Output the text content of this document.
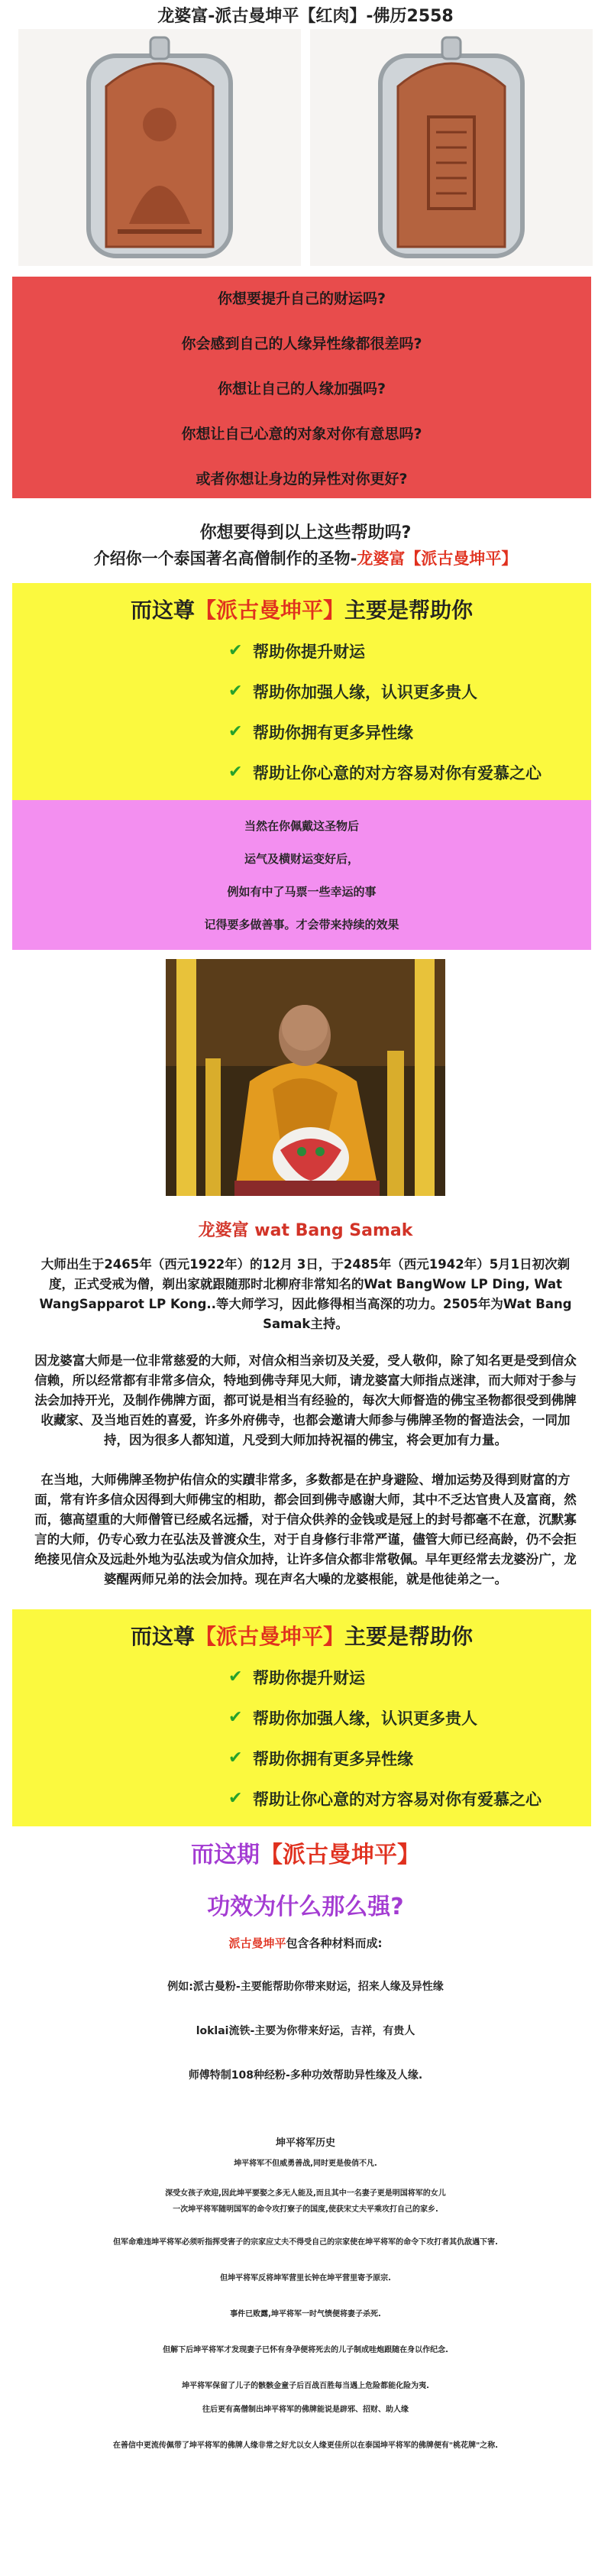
龙婆富-派古曼坤平【红肉】-佛历2558

你想要提升自己的财运吗?

你会感到自己的人缘异性缘都很差吗?

你想让自己的人缘加强吗?

你想让自己心意的对象对你有意思吗?

或者你想让身边的异性对你更好?

你想要得到以上这些帮助吗?
介绍你一个泰国著名高僧制作的圣物-龙婆富【派古曼坤平】
而这尊【派古曼坤平】主要是帮助你
✔ 帮助你提升财运
✔ 帮助你加强人缘，认识更多贵人
✔ 帮助你拥有更多异性缘
✔ 帮助让你心意的对方容易对你有爱慕之心

当然在你佩戴这圣物后

运气及横财运变好后，

例如有中了马票一些幸运的事

记得要多做善事。才会带来持续的效果

龙婆富 wat Bang Samak

大师出生于2465年（西元1922年）的12月 3日，于2485年（西元1942年）5月1日初次剃度，正式受戒为僧，剃出家就跟随那时北柳府非常知名的Wat BangWow LP Ding, Wat WangSapparot LP Kong..等大师学习，因此修得相当高深的功力。2505年为Wat Bang Samak主持。

因龙婆富大师是一位非常慈爱的大师，对信众相当亲切及关爱，受人敬仰，除了知名更是受到信众信赖，所以经常都有非常多信众，特地到佛寺拜见大师，请龙婆富大师指点迷津，而大师对于参与法会加持开光，及制作佛牌方面，都可说是相当有经验的，每次大师督造的佛宝圣物都很受到佛牌收藏家、及当地百姓的喜爱，许多外府佛寺，也都会邀请大师参与佛牌圣物的督造法会，一同加持，因为很多人都知道，凡受到大师加持祝福的佛宝，将会更加有力量。

在当地，大师佛牌圣物护佑信众的实蹟非常多，多数都是在护身避险、增加运势及得到财富的方面，常有许多信众因得到大师佛宝的相助，都会回到佛寺感谢大师，其中不乏达官贵人及富商，然而，德高望重的大师僧管已经威名远播，对于信众供养的金钱或是冠上的封号都毫不在意，沉默寡言的大师，仍专心致力在弘法及普渡众生，对于自身修行非常严谨，儘管大师已经高龄，仍不会拒绝接见信众及远赴外地为弘法或为信众加持，让许多信众都非常敬佩。早年更经常去龙婆汾广，龙婆醒两师兄弟的法会加持。现在声名大噪的龙婆根能，就是他徒弟之一。

而这尊【派古曼坤平】主要是帮助你
✔ 帮助你提升财运
✔ 帮助你加强人缘，认识更多贵人
✔ 帮助你拥有更多异性缘
✔ 帮助让你心意的对方容易对你有爱慕之心
而这期【派古曼坤平】
功效为什么那么强?
派古曼坤平包含各种材料而成:
例如:派古曼粉-主要能帮助你带来财运，招来人缘及异性缘
loklai流铁-主要为你带来好运，吉祥，有贵人
师傅特制108种经粉-多种功效帮助异性缘及人缘.
坤平将军历史
坤平将军不但威勇善战,同时更是俊俏不凡.
深受女孩子欢迎,因此坤平要娶之多无人能及,而且其中一名妻子更是明国将军的女儿
一次坤平将军随明国军的命令攻打寮子的国度,使获宋丈夫平乘攻打自己的家乡.
但军命难违坤平将军必须听指挥受害子的宗家应丈夫不得受自己的宗家使在坤平将军的命令下攻打者其仇敌遇下害.
但坤平将军反将坤军营里长钟在坤平营里寄予原宗.
事件已败露,坤平将军一时气愤便将妻子杀死.
但解下后坤平将军才发现妻子已怀有身孕便将死去的儿子制成哇炮跟随在身以作纪念.
坤平将军保留了儿子的骸骸金童子后百战百胜每当遇上危险都能化险为夷.
往后更有高僧制出坤平将军的佛牌能说是辟邪、招财、助人缘
在善信中更流传佩带了坤平将军的佛牌人缘非常之好尤以女人缘更佳所以在泰国坤平将军的佛牌便有"桃花牌"之称.
